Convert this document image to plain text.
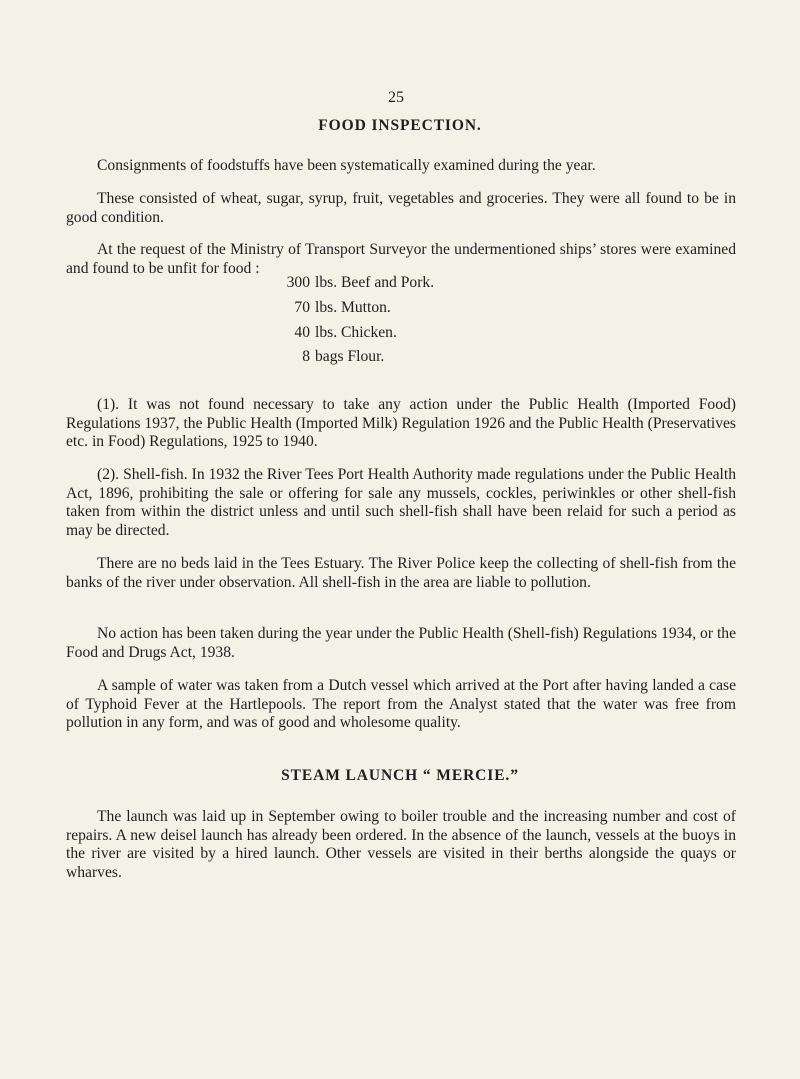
25
FOOD INSPECTION.
Consignments of foodstuffs have been systematically examined during the year.
These consisted of wheat, sugar, syrup, fruit, vegetables and groceries. They were all found to be in good condition.
At the request of the Ministry of Transport Surveyor the undermentioned ships’ stores were examined and found to be unfit for food :
300 lbs. Beef and Pork.
70 lbs. Mutton.
40 lbs. Chicken.
8 bags Flour.
(1). It was not found necessary to take any action under the Public Health (Imported Food) Regulations 1937, the Public Health (Imported Milk) Regulation 1926 and the Public Health (Preservatives etc. in Food) Regulations, 1925 to 1940.
(2). Shell-fish. In 1932 the River Tees Port Health Authority made regulations under the Public Health Act, 1896, prohibiting the sale or offering for sale any mussels, cockles, periwinkles or other shell-fish taken from within the district unless and until such shell-fish shall have been relaid for such a period as may be directed.
There are no beds laid in the Tees Estuary. The River Police keep the collecting of shell-fish from the banks of the river under observation. All shell-fish in the area are liable to pollution.
No action has been taken during the year under the Public Health (Shell-fish) Regulations 1934, or the Food and Drugs Act, 1938.
A sample of water was taken from a Dutch vessel which arrived at the Port after having landed a case of Typhoid Fever at the Hartlepools. The report from the Analyst stated that the water was free from pollution in any form, and was of good and wholesome quality.
STEAM LAUNCH “ MERCIE.”
The launch was laid up in September owing to boiler trouble and the increasing number and cost of repairs. A new deisel launch has already been ordered. In the absence of the launch, vessels at the buoys in the river are visited by a hired launch. Other vessels are visited in their berths alongside the quays or wharves.
